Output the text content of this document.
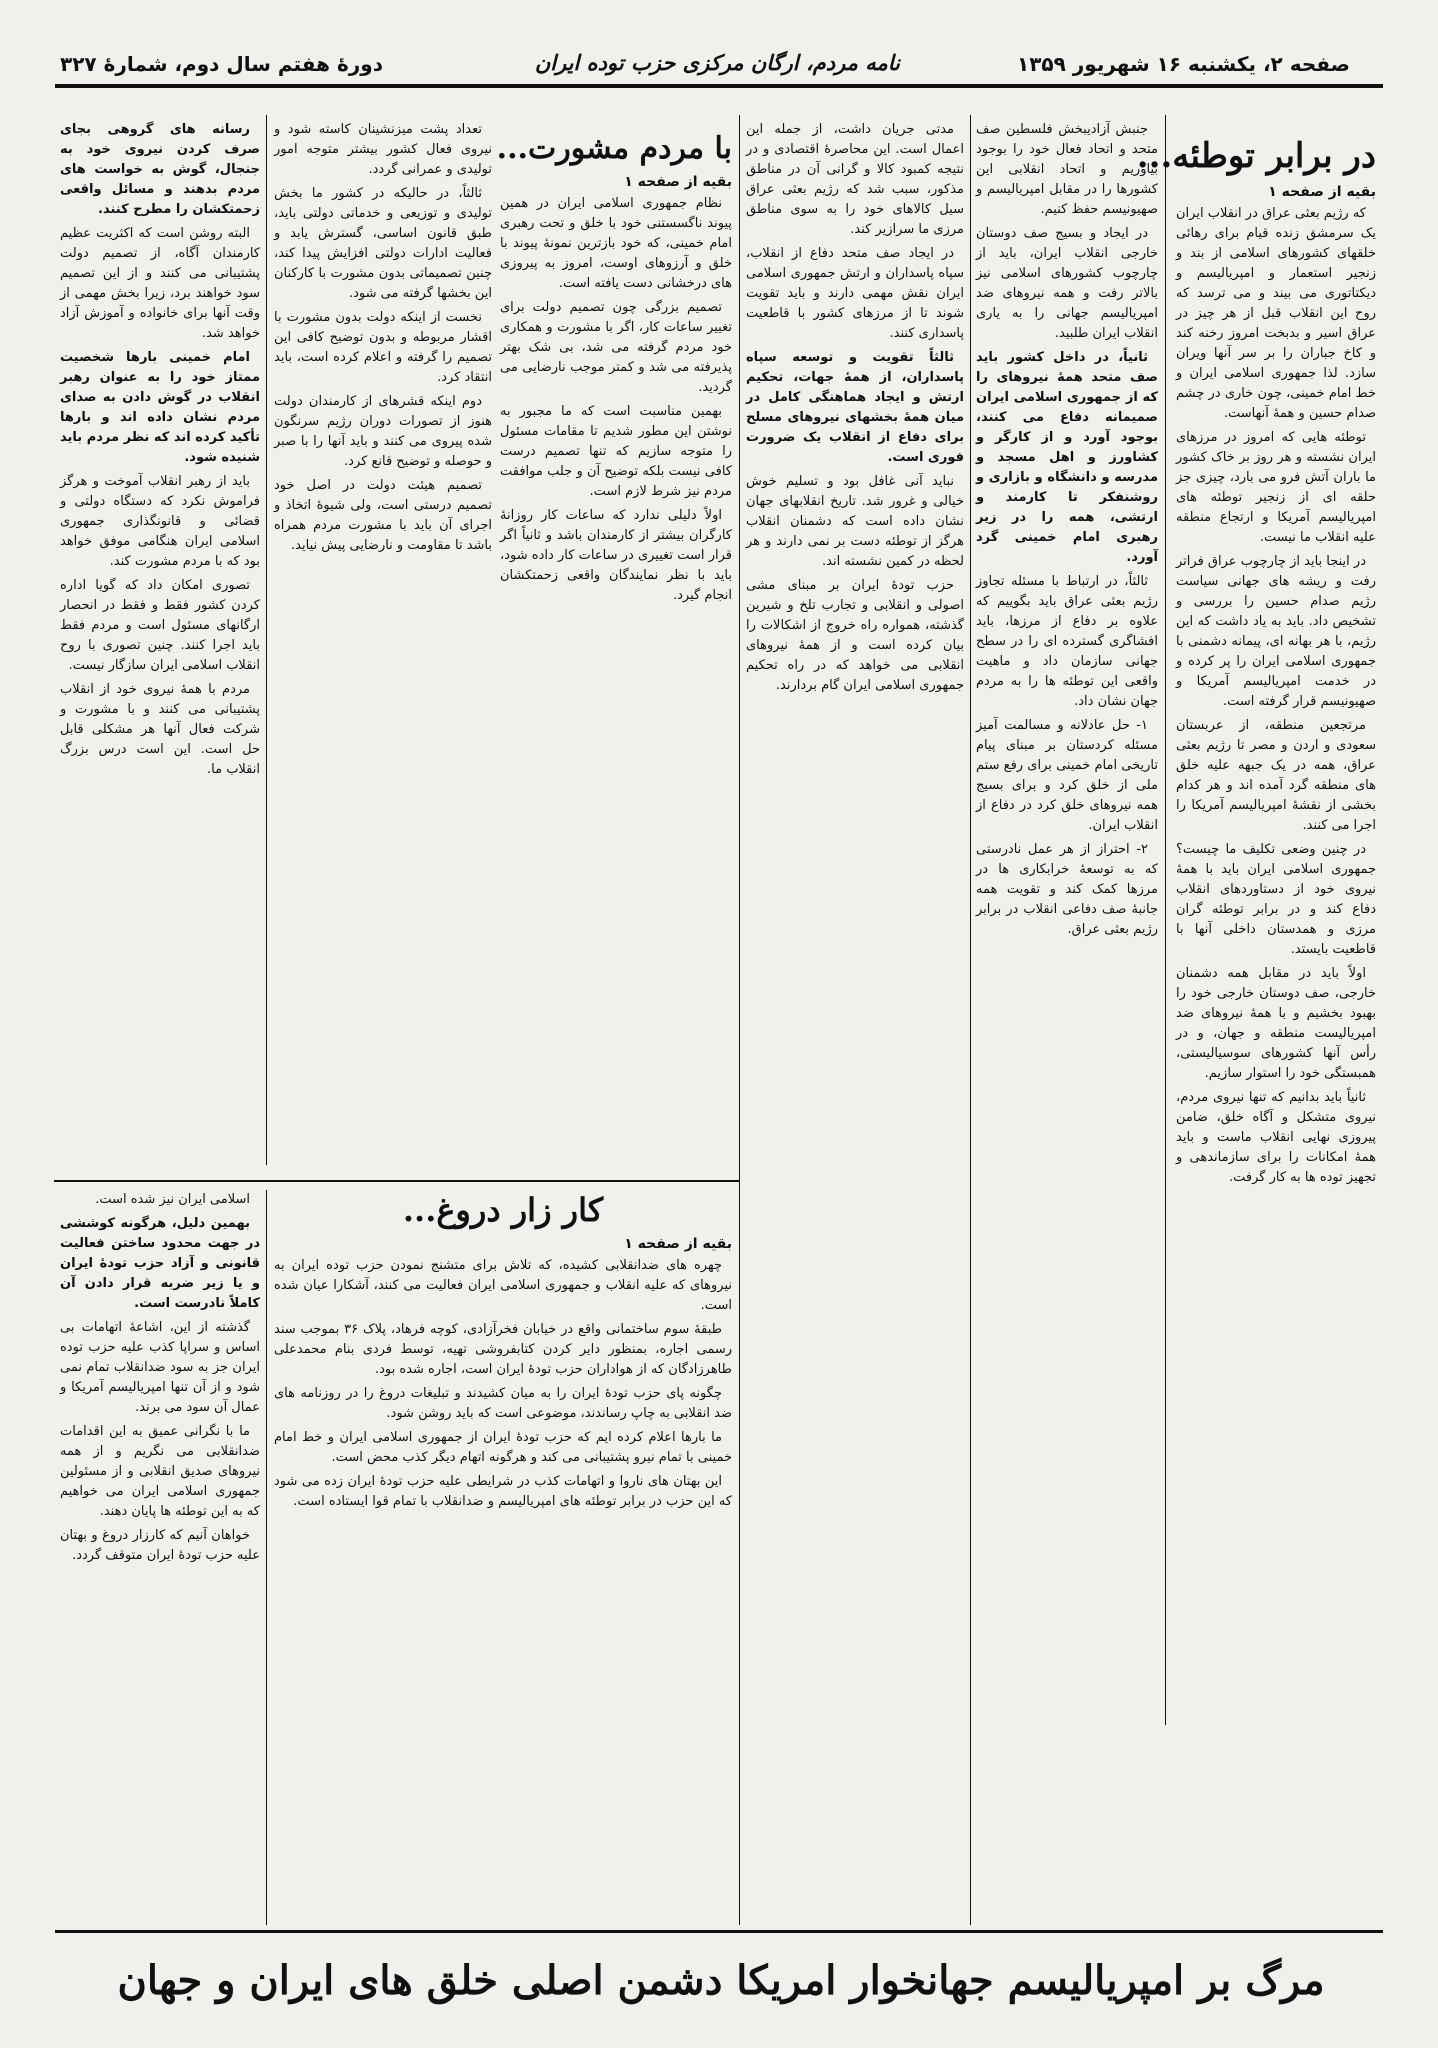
صفحه ۲، یکشنبه ۱۶ شهریور ۱۳۵۹
نامه مردم، ارگان مرکزی حزب توده ایران
دورهٔ هفتم سال دوم، شمارهٔ ۳۲۷
در برابر توطئه...
بقیه از صفحه ۱

که رژیم بعثی عراق در انقلاب ایران یک سرمشق زنده قیام برای رهائی خلقهای کشورهای اسلامی از بند و زنجیر استعمار و امپریالیسم و دیکتاتوری می بیند و می ترسد که روح این انقلاب قبل از هر چیز در عراق اسیر و بدبخت امروز رخنه کند و کاخ جباران را بر سر آنها ویران سازد. لذا جمهوری اسلامی ایران و خط امام خمینی، چون خاری در چشم صدام حسین و همهٔ آنهاست.

توطئه هایی که امروز در مرزهای ایران نشسته و هر روز بر خاک کشور ما باران آتش فرو می بارد، چیزی جز حلقه ای از زنجیر توطئه های امپریالیسم آمریکا و ارتجاع منطقه علیه انقلاب ما نیست.

در اینجا باید از چارچوب عراق فراتر رفت و ریشه های جهانی سیاست رژیم صدام حسین را بررسی و تشخیص داد. باید به یاد داشت که این رژیم، با هر بهانه ای، پیمانه دشمنی با جمهوری اسلامی ایران را پر کرده و در خدمت امپریالیسم آمریکا و صهیونیسم قرار گرفته است.

مرتجعین منطقه، از عربستان سعودی و اردن و مصر تا رژیم بعثی عراق، همه در یک جبهه علیه خلق های منطقه گرد آمده اند و هر کدام بخشی از نقشهٔ امپریالیسم آمریکا را اجرا می کنند.

در چنین وضعی تکلیف ما چیست؟ جمهوری اسلامی ایران باید با همهٔ نیروی خود از دستاوردهای انقلاب دفاع کند و در برابر توطئه گران مرزی و همدستان داخلی آنها با قاطعیت بایستد.

اولاً باید در مقابل همه دشمنان خارجی، صف دوستان خارجی خود را بهبود بخشیم و با همهٔ نیروهای ضد امپریالیست منطقه و جهان، و در رأس آنها کشورهای سوسیالیستی، همبستگی خود را استوار سازیم.

ثانیاً باید بدانیم که تنها نیروی مردم، نیروی متشکل و آگاه خلق، ضامن پیروزی نهایی انقلاب ماست و باید همهٔ امکانات را برای سازماندهی و تجهیز توده ها به کار گرفت.

جنبش آزادیبخش فلسطین صف متحد و اتحاد فعال خود را بوجود بیاوریم و اتحاد انقلابی این کشورها را در مقابل امپریالیسم و صهیونیسم حفظ کنیم.

در ایجاد و بسیج صف دوستان خارجی انقلاب ایران، باید از چارچوب کشورهای اسلامی نیز بالاتر رفت و همه نیروهای ضد امپریالیسم جهانی را به یاری انقلاب ایران طلبید.

ثانیاً، در داخل کشور باید صف متحد همهٔ نیروهای را که از جمهوری اسلامی ایران صمیمانه دفاع می کنند، بوجود آورد و از کارگر و کشاورز و اهل مسجد و مدرسه و دانشگاه و بازاری و روشنفکر تا کارمند و ارتشی، همه را در زیر رهبری امام خمینی گرد آورد.

ثالثاً، در ارتباط با مسئله تجاوز رژیم بعثی عراق باید بگوییم که علاوه بر دفاع از مرزها، باید افشاگری گسترده ای را در سطح جهانی سازمان داد و ماهیت واقعی این توطئه ها را به مردم جهان نشان داد.

۱- حل عادلانه و مسالمت آمیز مسئله کردستان بر مبنای پیام تاریخی امام خمینی برای رفع ستم ملی از خلق کرد و برای بسیج همه نیروهای خلق کرد در دفاع از انقلاب ایران.

۲- احتراز از هر عمل نادرستی که به توسعهٔ خرابکاری ها در مرزها کمک کند و تقویت همه جانبهٔ صف دفاعی انقلاب در برابر رژیم بعثی عراق.

مدتی جریان داشت، از جمله این اعمال است. این محاصرهٔ اقتصادی و در نتیجه کمبود کالا و گرانی آن در مناطق مذکور، سبب شد که رژیم بعثی عراق سیل کالاهای خود را به سوی مناطق مرزی ما سرازیر کند.

در ایجاد صف متحد دفاع از انقلاب، سپاه پاسداران و ارتش جمهوری اسلامی ایران نقش مهمی دارند و باید تقویت شوند تا از مرزهای کشور با قاطعیت پاسداری کنند.

ثالثاً تقویت و توسعه سپاه پاسداران، از همهٔ جهات، تحکیم ارتش و ایجاد هماهنگی کامل در میان همهٔ بخشهای نیروهای مسلح برای دفاع از انقلاب یک ضرورت فوری است.

نباید آنی غافل بود و تسلیم خوش خیالی و غرور شد. تاریخ انقلابهای جهان نشان داده است که دشمنان انقلاب هرگز از توطئه دست بر نمی دارند و هر لحظه در کمین نشسته اند.

حزب تودهٔ ایران بر مبنای مشی اصولی و انقلابی و تجارب تلخ و شیرین گذشته، همواره راه خروج از اشکالات را بیان کرده است و از همهٔ نیروهای انقلابی می خواهد که در راه تحکیم جمهوری اسلامی ایران گام بردارند.

با مردم مشورت...
بقیه از صفحه ۱

نظام جمهوری اسلامی ایران در همین پیوند ناگسستنی خود با خلق و تحت رهبری امام خمینی، که خود بازترین نمونهٔ پیوند با خلق و آرزوهای اوست، امروز به پیروزی های درخشانی دست یافته است.

تصمیم بزرگی چون تصمیم دولت برای تغییر ساعات کار، اگر با مشورت و همکاری خود مردم گرفته می شد، بی شک بهتر پذیرفته می شد و کمتر موجب نارضایی می گردید.

بهمین مناسبت است که ما مجبور به نوشتن این مطور شدیم تا مقامات مسئول را متوجه سازیم که تنها تصمیم درست کافی نیست بلکه توضیح آن و جلب موافقت مردم نیز شرط لازم است.

اولاً دلیلی ندارد که ساعات کار روزانهٔ کارگران بیشتر از کارمندان باشد و ثانیاً اگر قرار است تغییری در ساعات کار داده شود، باید با نظر نمایندگان واقعی زحمتکشان انجام گیرد.

تعداد پشت میزنشینان کاسته شود و نیروی فعال کشور بیشتر متوجه امور تولیدی و عمرانی گردد.

ثالثاً، در حالیکه در کشور ما بخش تولیدی و توزیعی و خدماتی دولتی باید، طبق قانون اساسی، گسترش یابد و فعالیت ادارات دولتی افزایش پیدا کند، چنین تصمیماتی بدون مشورت با کارکنان این بخشها گرفته می شود.

نخست از اینکه دولت بدون مشورت با اقشار مربوطه و بدون توضیح کافی این تصمیم را گرفته و اعلام کرده است، باید انتقاد کرد.

دوم اینکه قشرهای از کارمندان دولت هنوز از تصورات دوران رژیم سرنگون شده پیروی می کنند و باید آنها را با صبر و حوصله و توضیح قانع کرد.

تصمیم هیئت دولت در اصل خود تصمیم درستی است، ولی شیوهٔ اتخاذ و اجرای آن باید با مشورت مردم همراه باشد تا مقاومت و نارضایی پیش نیاید.

رسانه های گروهی بجای صرف کردن نیروی خود به جنجال، گوش به خواست های مردم بدهند و مسائل واقعی زحمتکشان را مطرح کنند.

البته روشن است که اکثریت عظیم کارمندان آگاه، از تصمیم دولت پشتیبانی می کنند و از این تصمیم سود خواهند برد، زیرا بخش مهمی از وقت آنها برای خانواده و آموزش آزاد خواهد شد.

امام خمینی بارها شخصیت ممتاز خود را به عنوان رهبر انقلاب در گوش دادن به صدای مردم نشان داده اند و بارها تأکید کرده اند که نظر مردم باید شنیده شود.

باید از رهبر انقلاب آموخت و هرگز فراموش نکرد که دستگاه دولتی و قضائی و قانونگذاری جمهوری اسلامی ایران هنگامی موفق خواهد بود که با مردم مشورت کند.

تصوری امکان داد که گویا اداره کردن کشور فقط و فقط در انحصار ارگانهای مسئول است و مردم فقط باید اجرا کنند. چنین تصوری با روح انقلاب اسلامی ایران سازگار نیست.

مردم با همهٔ نیروی خود از انقلاب پشتیبانی می کنند و با مشورت و شرکت فعال آنها هر مشکلی قابل حل است. این است درس بزرگ انقلاب ما.

کار زار دروغ...
بقیه از صفحه ۱

چهره های ضدانقلابی کشیده، که تلاش برای متشنج نمودن حزب توده ایران به نیروهای که علیه انقلاب و جمهوری اسلامی ایران فعالیت می کنند، آشکارا عیان شده است.

طبقهٔ سوم ساختمانی واقع در خیابان فخرآزادی، کوچه فرهاد، پلاک ۳۶ بموجب سند رسمی اجاره، بمنظور دایر کردن کتابفروشی تهیه، توسط فردی بنام محمدعلی طاهرزادگان که از هواداران حزب تودهٔ ایران است، اجاره شده بود.

چگونه پای حزب تودهٔ ایران را به میان کشیدند و تبلیغات دروغ را در روزنامه های ضد انقلابی به چاپ رساندند، موضوعی است که باید روشن شود.

ما بارها اعلام کرده ایم که حزب تودهٔ ایران از جمهوری اسلامی ایران و خط امام خمینی با تمام نیرو پشتیبانی می کند و هرگونه اتهام دیگر کذب محض است.

این بهتان های ناروا و اتهامات کذب در شرایطی علیه حزب تودهٔ ایران زده می شود که این حزب در برابر توطئه های امپریالیسم و ضدانقلاب با تمام قوا ایستاده است.

اسلامی ایران نیز شده است.

بهمین دلیل، هرگونه کوششی در جهت محدود ساختن فعالیت قانونی و آزاد حزب تودهٔ ایران و یا زیر ضربه قرار دادن آن کاملاً نادرست است.

گذشته از این، اشاعهٔ اتهامات بی اساس و سراپا کذب علیه حزب توده ایران جز به سود ضدانقلاب تمام نمی شود و از آن تنها امپریالیسم آمریکا و عمال آن سود می برند.

ما با نگرانی عمیق به این اقدامات ضدانقلابی می نگریم و از همه نیروهای صدیق انقلابی و از مسئولین جمهوری اسلامی ایران می خواهیم که به این توطئه ها پایان دهند.

خواهان آنیم که کارزار دروغ و بهتان علیه حزب تودهٔ ایران متوقف گردد.

مرگ بر امپریالیسم جهانخوار امریکا دشمن اصلی خلق های ایران و جهان
